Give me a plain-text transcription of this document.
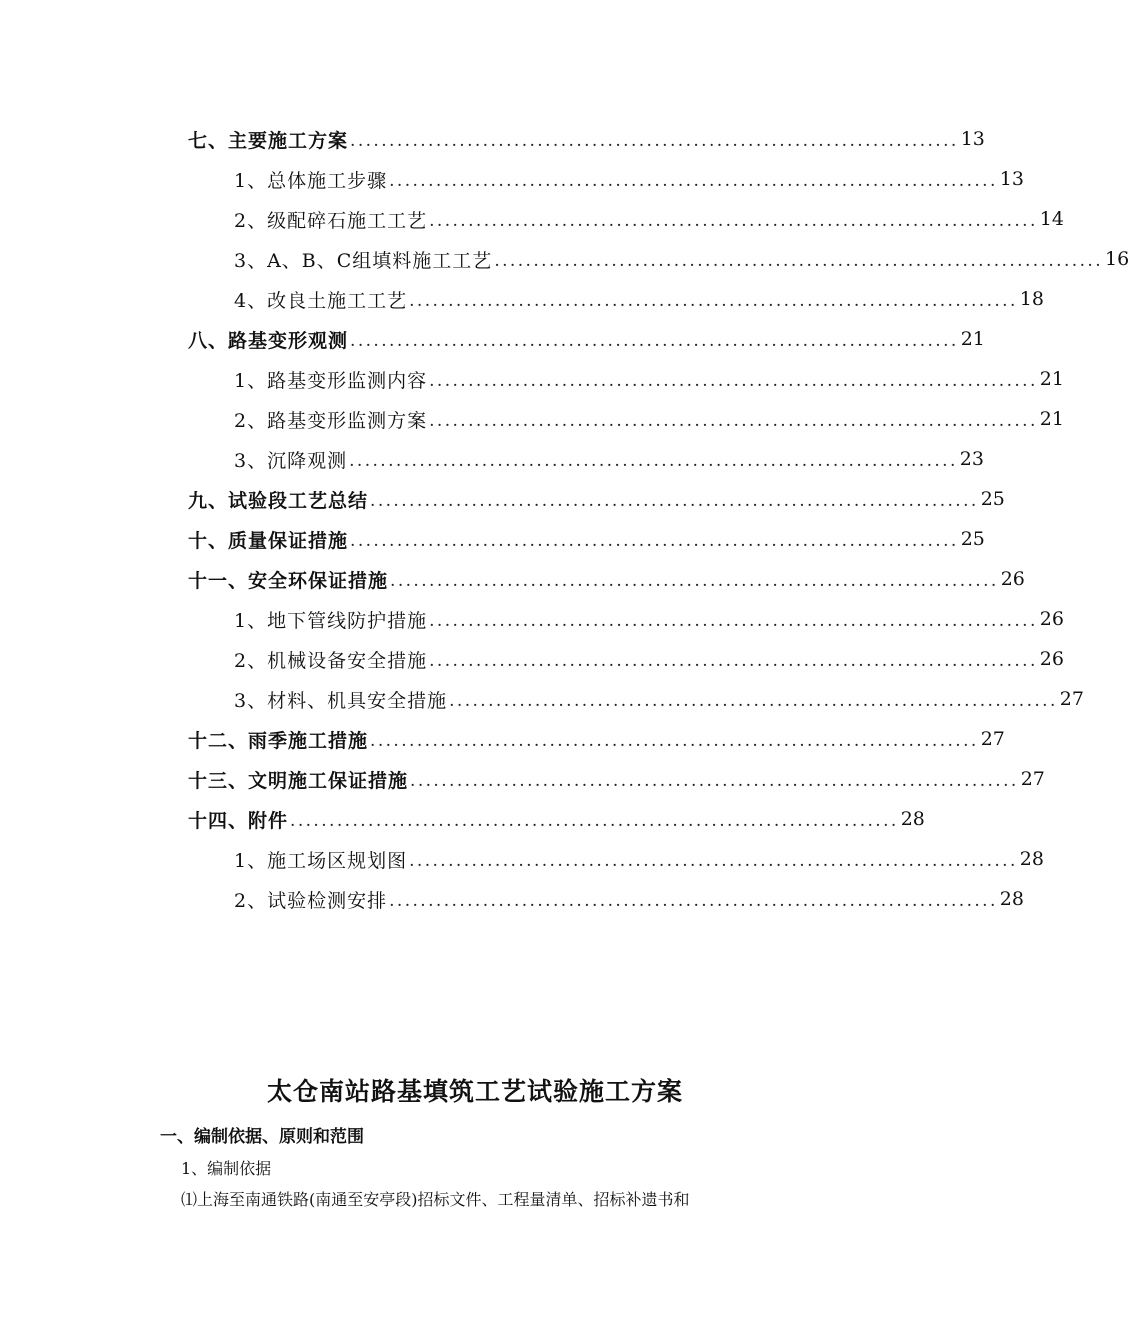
七、主要施工方案 .............................................................................. 13
1、总体施工步骤 .............................................................................. 13
2、级配碎石施工工艺 .............................................................................. 14
3、A、B、C组填料施工工艺 .............................................................................. 16
4、改良土施工工艺 .............................................................................. 18
八、路基变形观测 .............................................................................. 21
1、路基变形监测内容 .............................................................................. 21
2、路基变形监测方案 .............................................................................. 21
3、沉降观测 .............................................................................. 23
九、试验段工艺总结 .............................................................................. 25
十、质量保证措施 .............................................................................. 25
十一、安全环保证措施 .............................................................................. 26
1、地下管线防护措施 .............................................................................. 26
2、机械设备安全措施 .............................................................................. 26
3、材料、机具安全措施 .............................................................................. 27
十二、雨季施工措施 .............................................................................. 27
十三、文明施工保证措施 .............................................................................. 27
十四、附件 .............................................................................. 28
1、施工场区规划图 .............................................................................. 28
2、试验检测安排 .............................................................................. 28
太仓南站路基填筑工艺试验施工方案
一、编制依据、原则和范围
1、编制依据
⑴上海至南通铁路(南通至安亭段)招标文件、工程量清单、招标补遗书和
